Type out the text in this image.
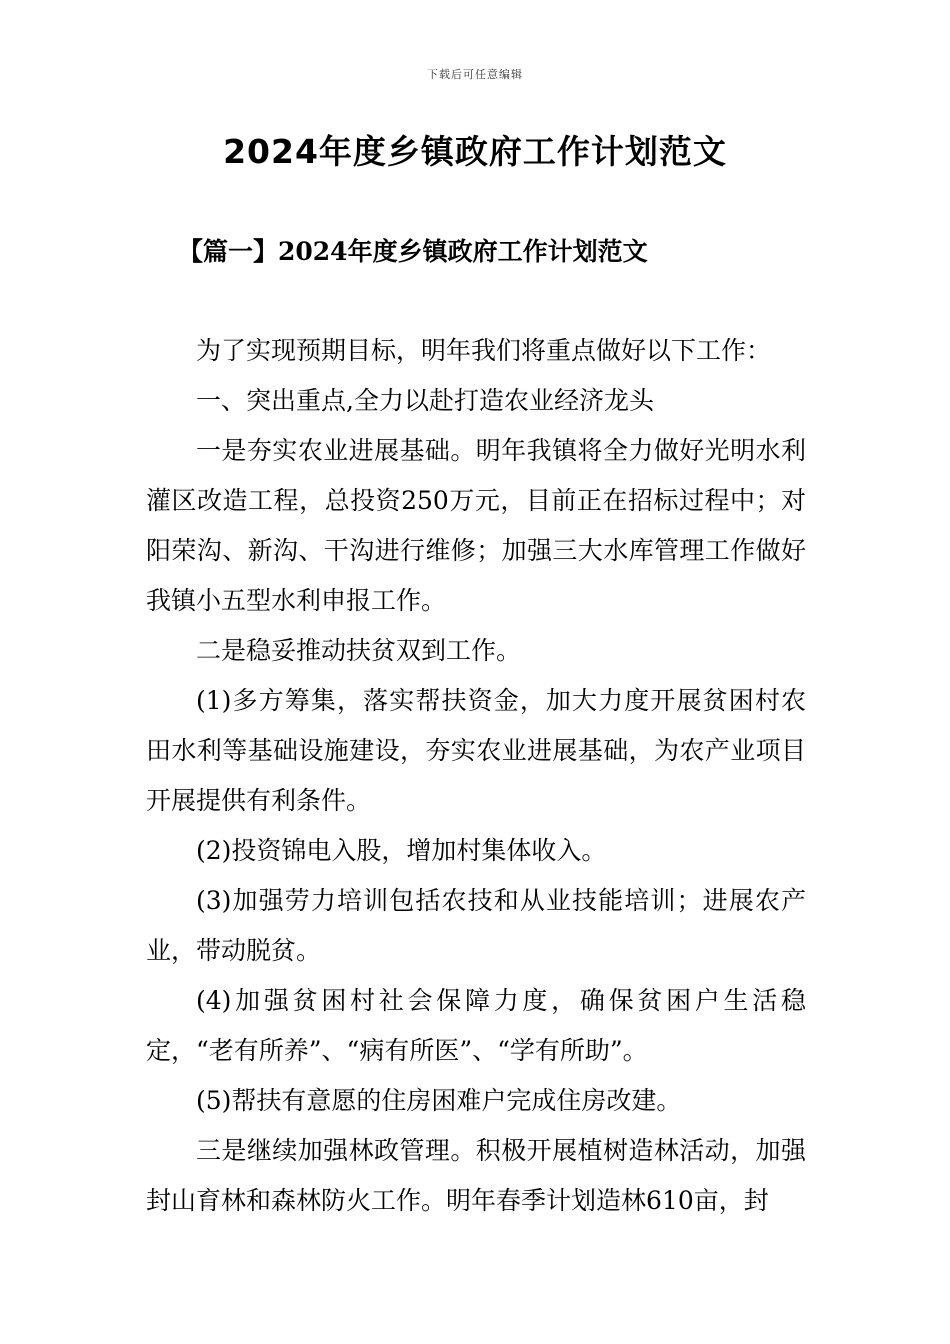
下载后可任意编辑
2024年度乡镇政府工作计划范文
【篇一】2024年度乡镇政府工作计划范文

为了实现预期目标，明年我们将重点做好以下工作：

一、突出重点,全力以赴打造农业经济龙头

一是夯实农业进展基础。明年我镇将全力做好光明水利灌区改造工程，总投资250万元，目前正在招标过程中；对阳荣沟、新沟、干沟进行维修；加强三大水库管理工作做好我镇小五型水利申报工作。

二是稳妥推动扶贫双到工作。

(1)多方筹集，落实帮扶资金，加大力度开展贫困村农田水利等基础设施建设，夯实农业进展基础，为农产业项目开展提供有利条件。

(2)投资锦电入股，增加村集体收入。

(3)加强劳力培训包括农技和从业技能培训；进展农产业，带动脱贫。

(4)加强贫困村社会保障力度，确保贫困户生活稳定，“老有所养”、“病有所医”、“学有所助”。

(5)帮扶有意愿的住房困难户完成住房改建。

三是继续加强林政管理。积极开展植树造林活动，加强封山育林和森林防火工作。明年春季计划造林610亩，封
